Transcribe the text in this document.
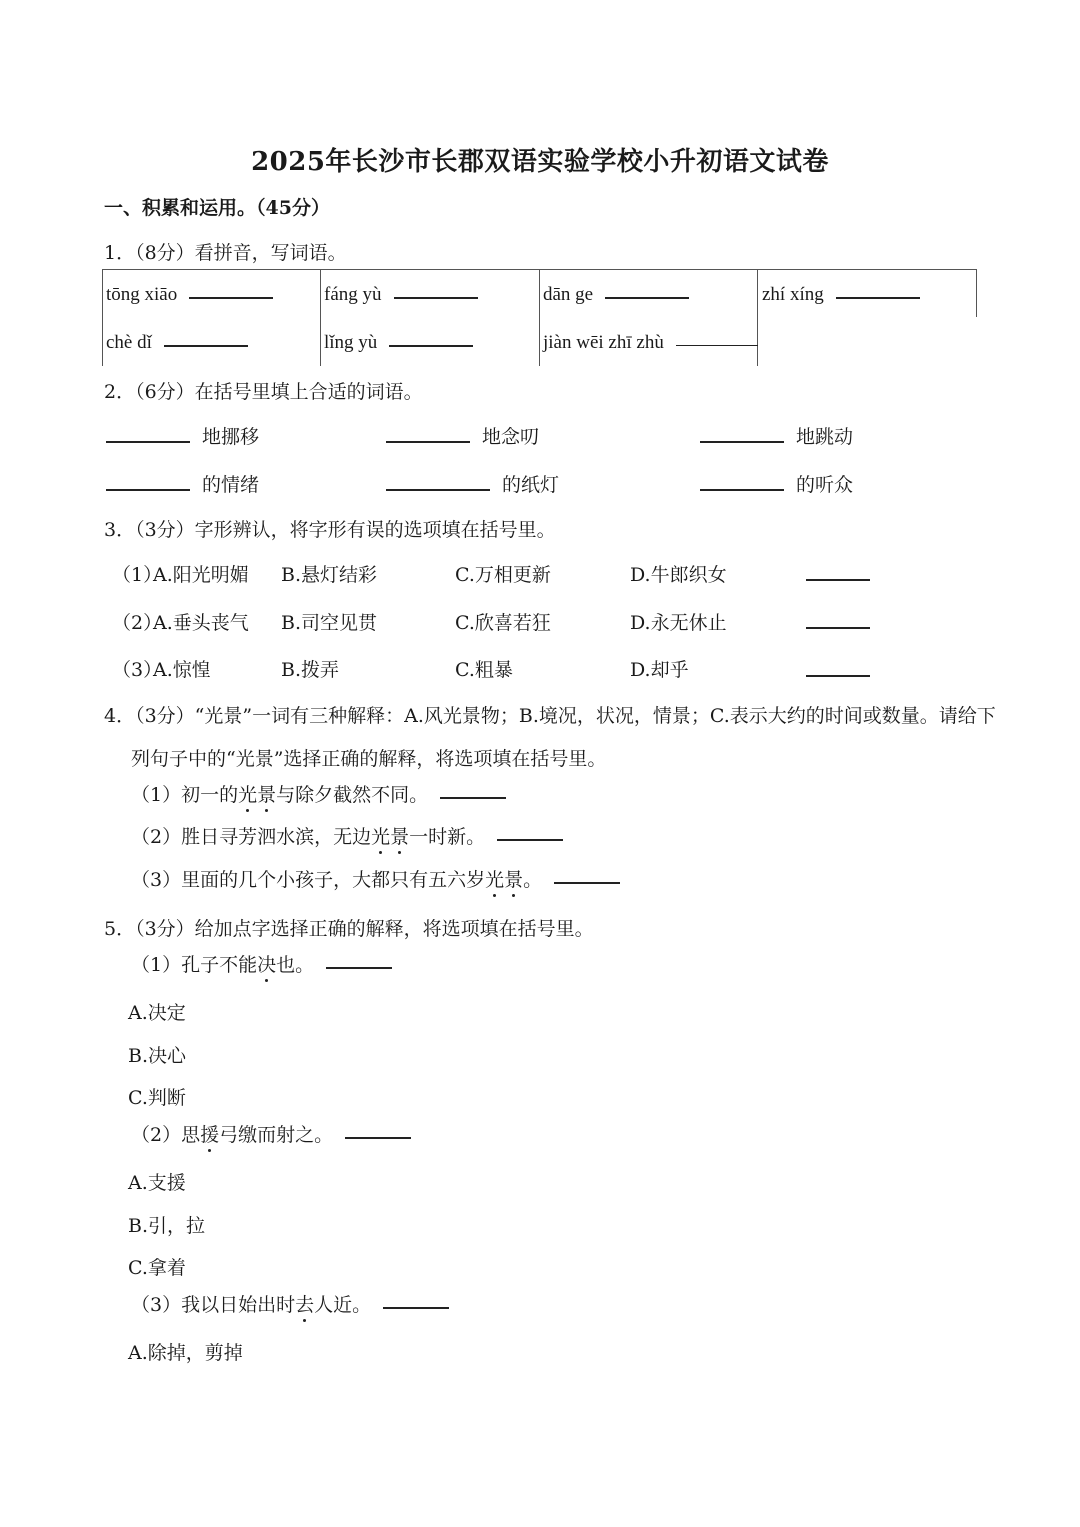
2025年长沙市长郡双语实验学校小升初语文试卷
一、积累和运用。（45分）
1．（8分）看拼音，写词语。
tōng xiāo	fáng yù	dān ge	zhí xíng
chè dǐ	lǐng yù	jiàn wēi zhī zhù
2．（6分）在括号里填上合适的词语。
地挪移	地念叨	地跳动
的情绪	的纸灯	的听众
3．（3分）字形辨认，将字形有误的选项填在括号里。
（1）
A.阳光明媚 B.悬灯结彩	C.万相更新	D.牛郎织女
（2）
A.垂头丧气 B.司空见贯	C.欣喜若狂	D.永无休止
（3）
A.惊惶	B.拨弄	C.粗暴	D.却乎
4．（3分）“光景”一词有三种解释：A.风光景物；B.境况，状况，情景；C.表示大约的时间或数量。请给下
列句子中的“光景”选择正确的解释，将选项填在括号里。
（1）初一的光景与除夕截然不同。
（2）胜日寻芳泗水滨，无边光景一时新。
（3）里面的几个小孩子，大都只有五六岁光景。
5．（3分）给加点字选择正确的解释，将选项填在括号里。
（1）孔子不能决也。
A.决定
B.决心
C.判断
（2）思援弓缴而射之。
A.支援
B.引，拉
C.拿着
（3）我以日始出时去人近。
A.除掉，剪掉
